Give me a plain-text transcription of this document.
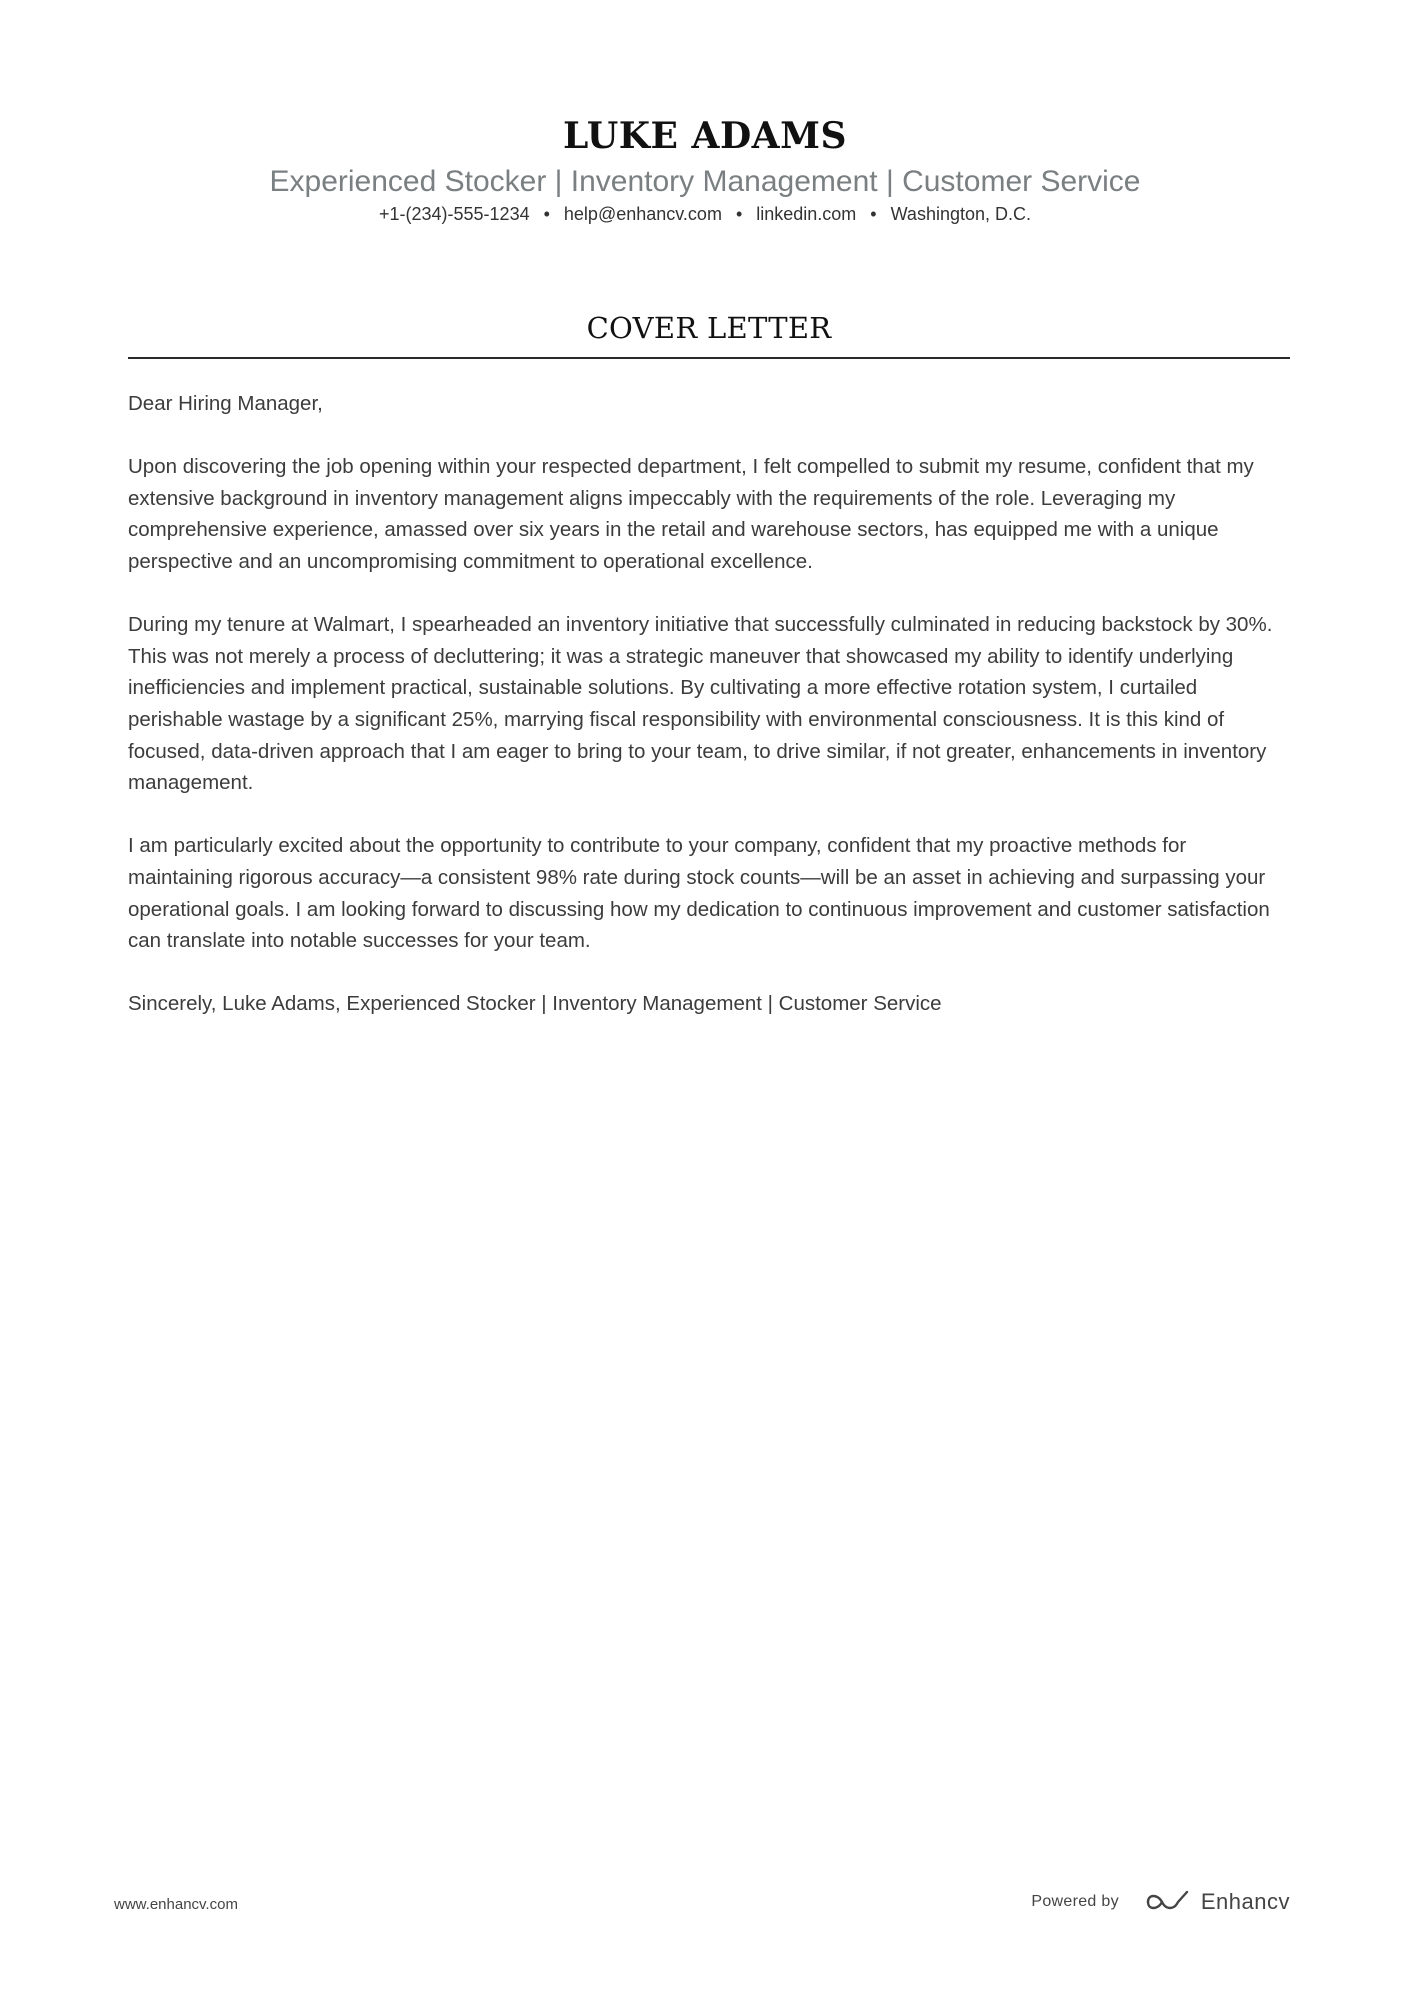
LUKE ADAMS
Experienced Stocker | Inventory Management | Customer Service
+1-(234)-555-1234 • help@enhancv.com • linkedin.com • Washington, D.C.
COVER LETTER

Dear Hiring Manager,

Upon discovering the job opening within your respected department, I felt compelled to submit my resume, confident that my extensive background in inventory management aligns impeccably with the requirements of the role. Leveraging my comprehensive experience, amassed over six years in the retail and warehouse sectors, has equipped me with a unique perspective and an uncompromising commitment to operational excellence.

During my tenure at Walmart, I spearheaded an inventory initiative that successfully culminated in reducing backstock by 30%. This was not merely a process of decluttering; it was a strategic maneuver that showcased my ability to identify underlying inefficiencies and implement practical, sustainable solutions. By cultivating a more effective rotation system, I curtailed perishable wastage by a significant 25%, marrying fiscal responsibility with environmental consciousness. It is this kind of focused, data-driven approach that I am eager to bring to your team, to drive similar, if not greater, enhancements in inventory management.

I am particularly excited about the opportunity to contribute to your company, confident that my proactive methods for maintaining rigorous accuracy—a consistent 98% rate during stock counts—will be an asset in achieving and surpassing your operational goals. I am looking forward to discussing how my dedication to continuous improvement and customer satisfaction can translate into notable successes for your team.

Sincerely, Luke Adams, Experienced Stocker | Inventory Management | Customer Service

www.enhancv.com	Powered by	Enhancv
